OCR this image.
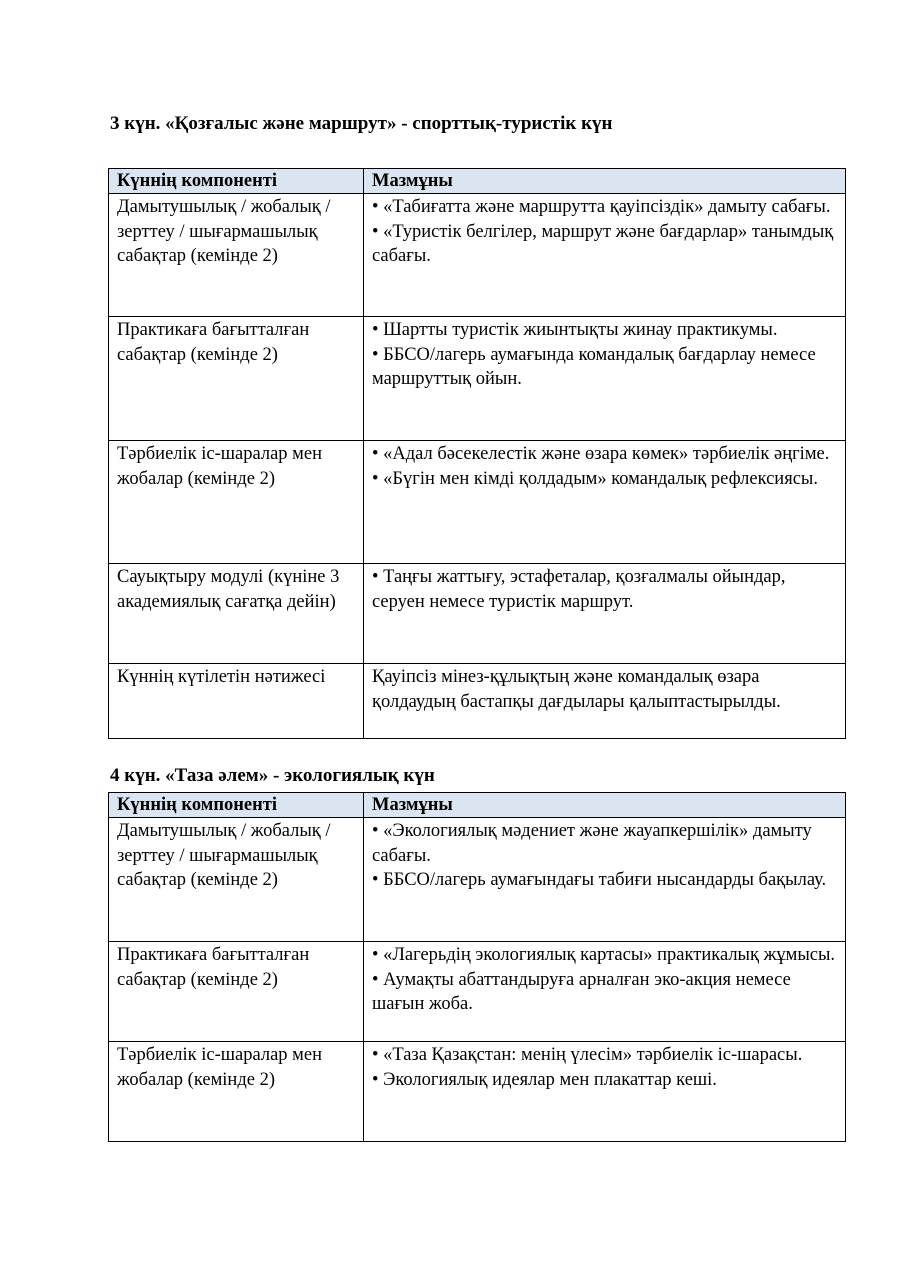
3 күн. «Қозғалыс және маршрут» - спорттық-туристік күн
Күннің компоненті	Мазмұны
Дамытушылық / жобалық / зерттеу / шығармашылық сабақтар (кемінде 2)	• «Табиғатта және маршрутта қауіпсіздік» дамыту сабағы.
• «Туристік белгілер, маршрут және бағдарлар» танымдық сабағы.

Практикаға бағытталған сабақтар (кемінде 2)	• Шартты туристік жиынтықты жинау практикумы.
• ББСО/лагерь аумағында командалық бағдарлау немесе маршруттық ойын.

Тәрбиелік іс-шаралар мен жобалар (кемінде 2)	• «Адал бәсекелестік және өзара көмек» тәрбиелік әңгіме.
• «Бүгін мен кімді қолдадым» командалық рефлексиясы.

Сауықтыру модулі (күніне 3 академиялық сағатқа дейін)	• Таңғы жаттығу, эстафеталар, қозғалмалы ойындар, серуен немесе туристік маршрут.

Күннің күтілетін нәтижесі	Қауіпсіз мінез-құлықтың және командалық өзара қолдаудың бастапқы дағдылары қалыптастырылды.
4 күн. «Таза әлем» - экологиялық күн
Күннің компоненті	Мазмұны
Дамытушылық / жобалық / зерттеу / шығармашылық сабақтар (кемінде 2)	• «Экологиялық мәдениет және жауапкершілік» дамыту сабағы.
• ББСО/лагерь аумағындағы табиғи нысандарды бақылау.

Практикаға бағытталған сабақтар (кемінде 2)	• «Лагерьдің экологиялық картасы» практикалық жұмысы.
• Аумақты абаттандыруға арналған эко-акция немесе шағын жоба.

Тәрбиелік іс-шаралар мен жобалар (кемінде 2)	• «Таза Қазақстан: менің үлесім» тәрбиелік іс-шарасы.
• Экологиялық идеялар мен плакаттар кеші.
